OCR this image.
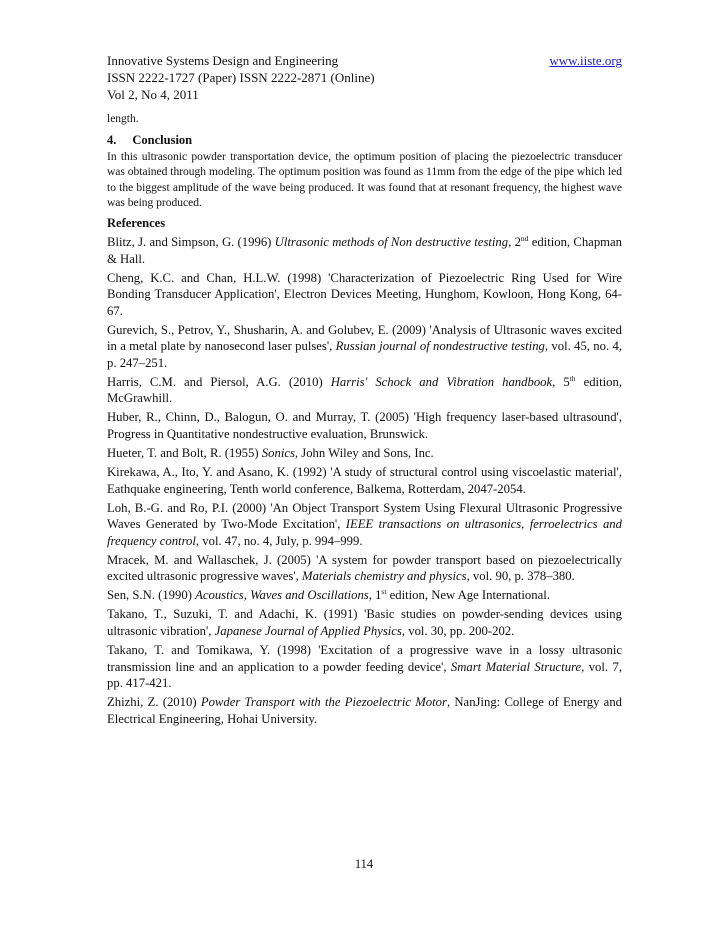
Innovative Systems Design and Engineering	www.iiste.org
ISSN 2222-1727 (Paper) ISSN 2222-2871 (Online)
Vol 2, No 4, 2011
length.
4. Conclusion

In this ultrasonic powder transportation device, the optimum position of placing the piezoelectric transducer was obtained through modeling. The optimum position was found as 11mm from the edge of the pipe which led to the biggest amplitude of the wave being produced. It was found that at resonant frequency, the highest wave was being produced.

References

Blitz, J. and Simpson, G. (1996) Ultrasonic methods of Non destructive testing, 2nd edition, Chapman & Hall.

Cheng, K.C. and Chan, H.L.W. (1998) 'Characterization of Piezoelectric Ring Used for Wire Bonding Transducer Application', Electron Devices Meeting, Hunghom, Kowloon, Hong Kong, 64-67.

Gurevich, S., Petrov, Y., Shusharin, A. and Golubev, E. (2009) 'Analysis of Ultrasonic waves excited in a metal plate by nanosecond laser pulses', Russian journal of nondestructive testing, vol. 45, no. 4, p. 247–251.

Harris, C.M. and Piersol, A.G. (2010) Harris' Schock and Vibration handbook, 5th edition, McGrawhill.

Huber, R., Chinn, D., Balogun, O. and Murray, T. (2005) 'High frequency laser-based ultrasound', Progress in Quantitative nondestructive evaluation, Brunswick.

Hueter, T. and Bolt, R. (1955) Sonics, John Wiley and Sons, Inc.

Kirekawa, A., Ito, Y. and Asano, K. (1992) 'A study of structural control using viscoelastic material', Eathquake engineering, Tenth world conference, Balkema, Rotterdam, 2047-2054.

Loh, B.-G. and Ro, P.I. (2000) 'An Object Transport System Using Flexural Ultrasonic Progressive Waves Generated by Two-Mode Excitation', IEEE transactions on ultrasonics, ferroelectrics and frequency control, vol. 47, no. 4, July, p. 994–999.

Mracek, M. and Wallaschek, J. (2005) 'A system for powder transport based on piezoelectrically excited ultrasonic progressive waves', Materials chemistry and physics, vol. 90, p. 378–380.

Sen, S.N. (1990) Acoustics, Waves and Oscillations, 1st edition, New Age International.

Takano, T., Suzuki, T. and Adachi, K. (1991) 'Basic studies on powder-sending devices using ultrasonic vibration', Japanese Journal of Applied Physics, vol. 30, pp. 200-202.

Takano, T. and Tomikawa, Y. (1998) 'Excitation of a progressive wave in a lossy ultrasonic transmission line and an application to a powder feeding device', Smart Material Structure, vol. 7, pp. 417-421.

Zhizhi, Z. (2010) Powder Transport with the Piezoelectric Motor, NanJing: College of Energy and Electrical Engineering, Hohai University.

114
